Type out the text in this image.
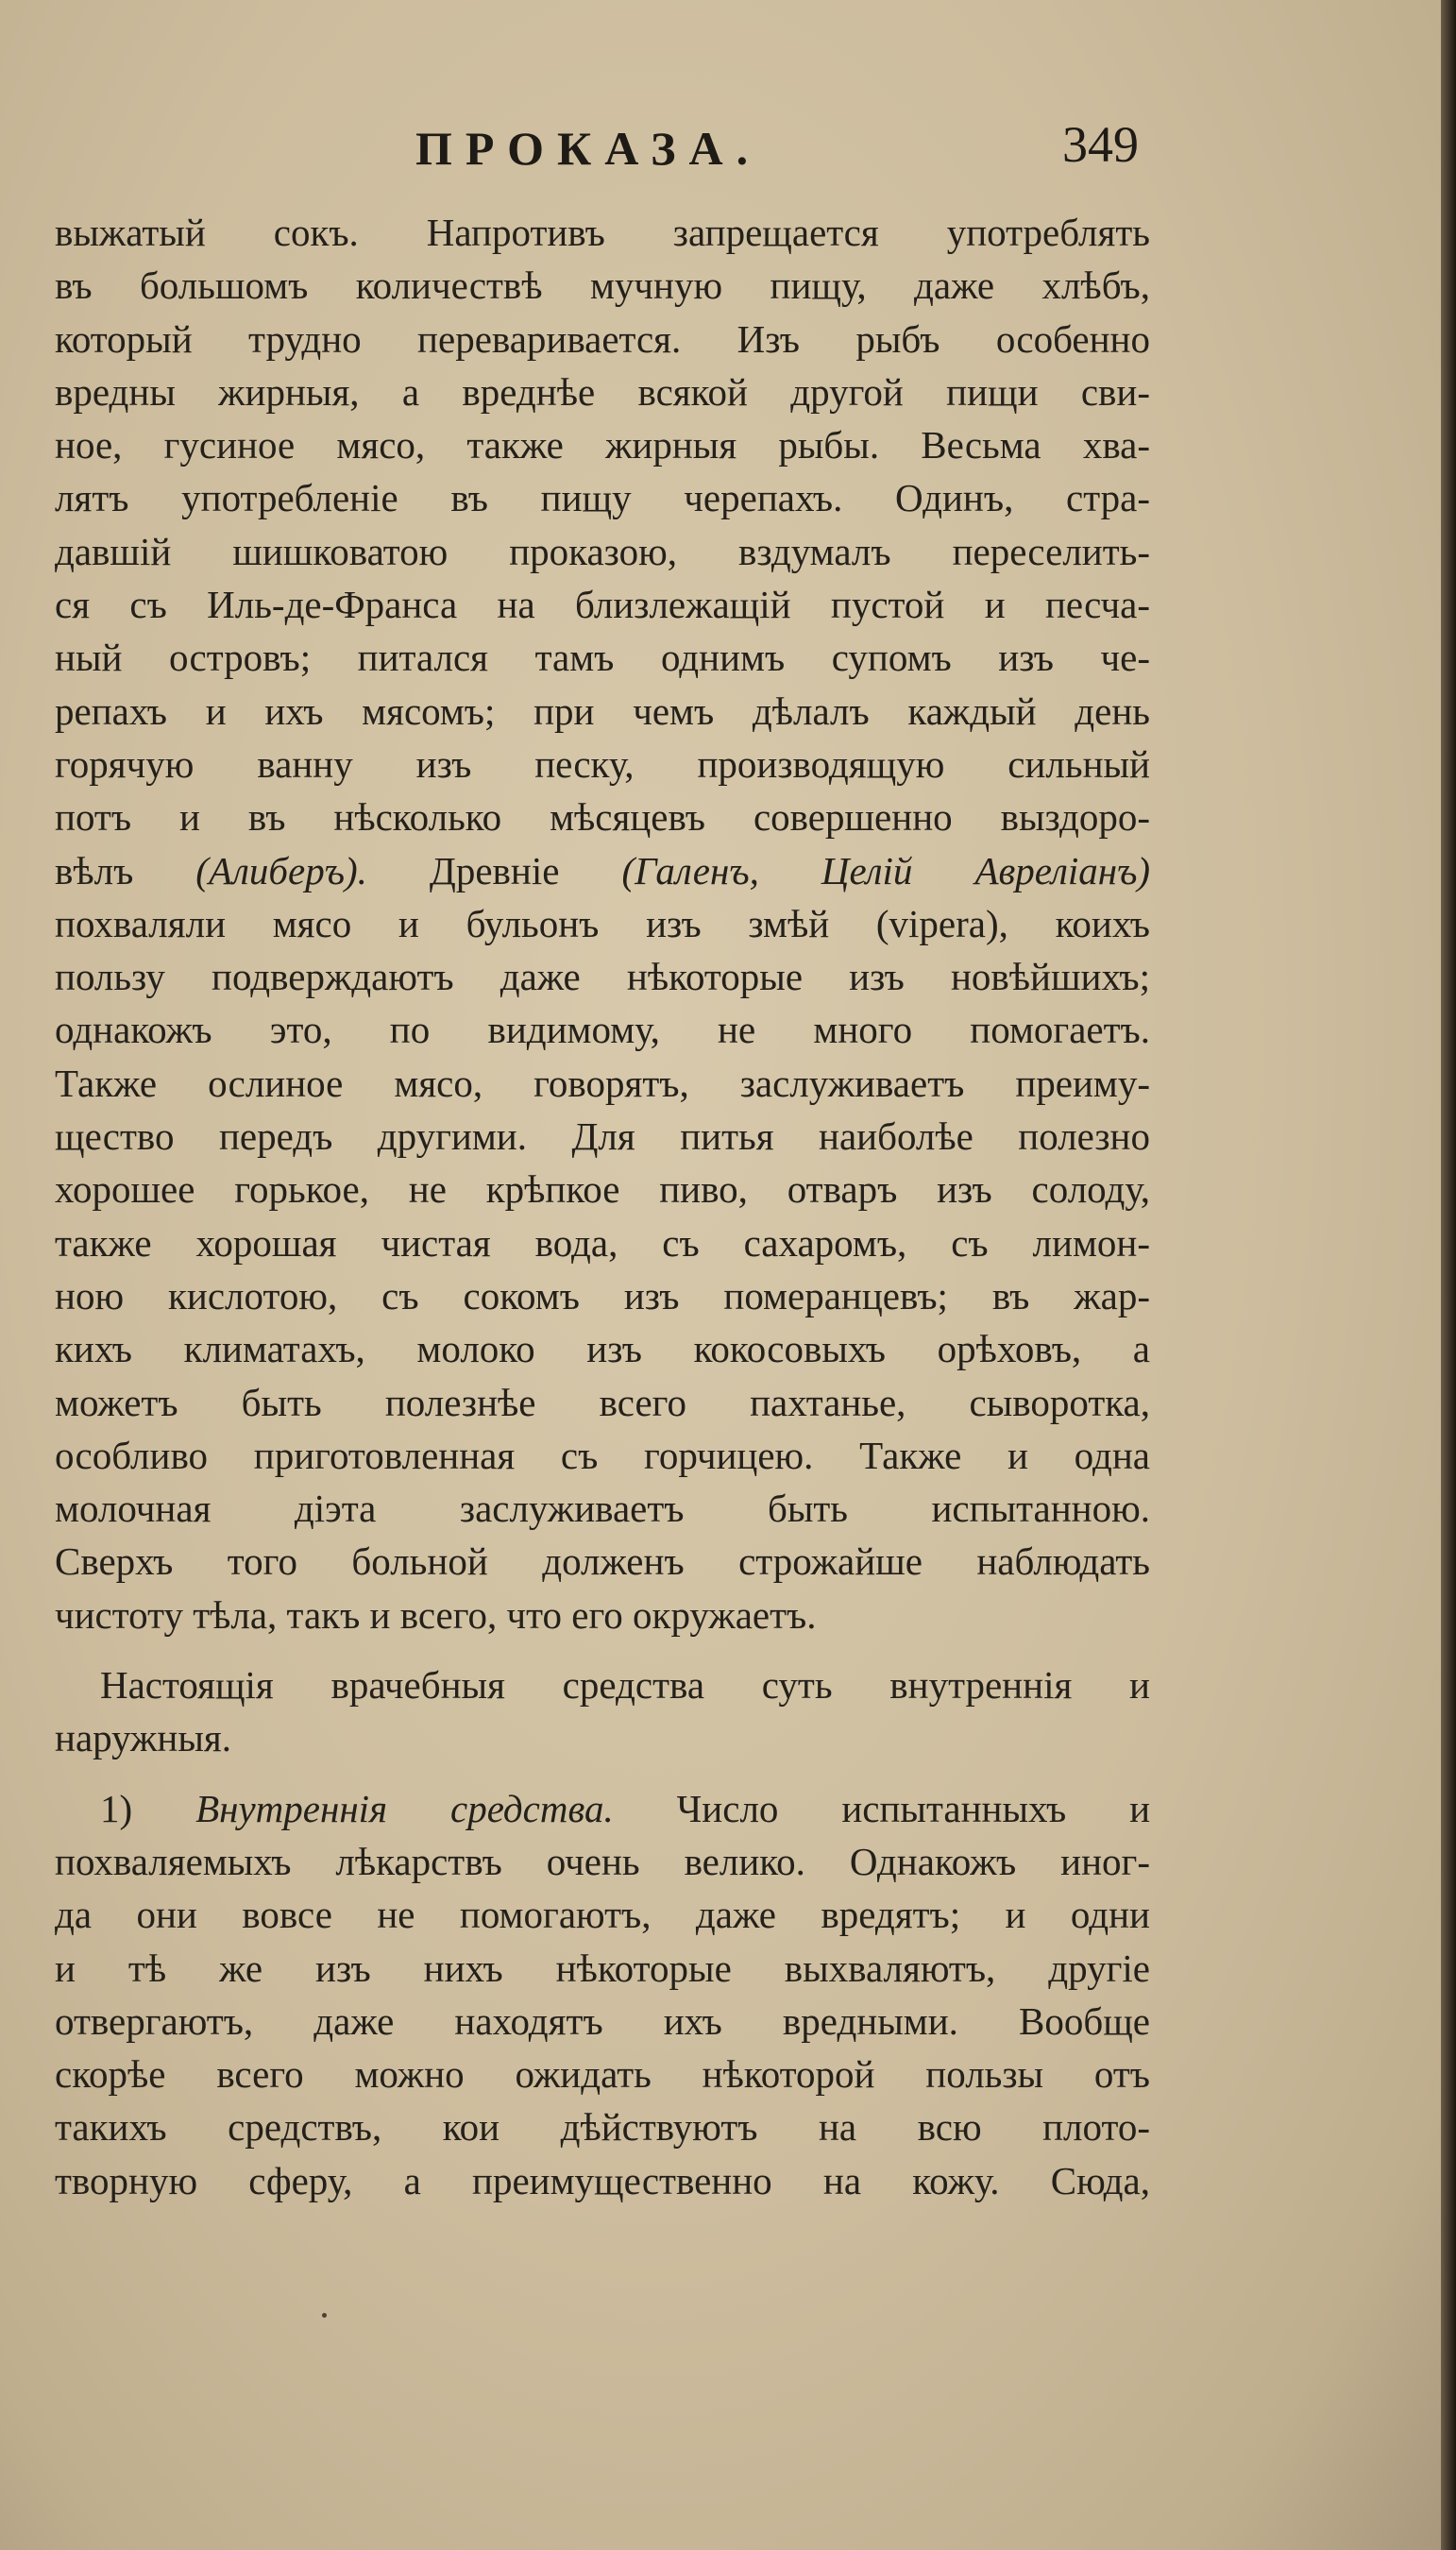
ПРОКАЗА.	349
выжатый сокъ. Напротивъ запрещается употреблять
въ большомъ количествѣ мучную пищу, даже хлѣбъ,
который трудно переваривается. Изъ рыбъ особенно
вредны жирныя, а вреднѣе всякой другой пищи сви-
ное, гусиное мясо, также жирныя рыбы. Весьма хва-
лятъ употребленіе въ пищу черепахъ. Одинъ, стра-
давшій шишковатою проказою, вздумалъ переселить-
ся съ Иль-де-Франса на близлежащій пустой и песча-
ный островъ; питался тамъ однимъ супомъ изъ че-
репахъ и ихъ мясомъ; при чемъ дѣлалъ каждый день
горячую ванну изъ песку, производящую сильный
потъ и въ нѣсколько мѣсяцевъ совершенно выздоро-
вѣлъ (Алиберъ). Древніе (Галенъ, Целій Авреліанъ)
похваляли мясо и бульонъ изъ змѣй (vipera), коихъ
пользу подверждаютъ даже нѣкоторые изъ новѣйшихъ;
однакожъ это, по видимому, не много помогаетъ.
Также ослиное мясо, говорятъ, заслуживаетъ преиму-
щество передъ другими. Для питья наиболѣе полезно
хорошее горькое, не крѣпкое пиво, отваръ изъ солоду,
также хорошая чистая вода, съ сахаромъ, съ лимон-
ною кислотою, съ сокомъ изъ померанцевъ; въ жар-
кихъ климатахъ, молоко изъ кокосовыхъ орѣховъ, а
можетъ быть полезнѣе всего пахтанье, сыворотка,
особливо приготовленная съ горчицею. Также и одна
молочная діэта заслуживаетъ быть испытанною.
Сверхъ того больной долженъ строжайше наблюдать
чистоту тѣла, такъ и всего, что его окружаетъ.
Настоящія врачебныя средства суть внутреннія и
наружныя.
1) Внутреннія средства. Число испытанныхъ и
похваляемыхъ лѣкарствъ очень велико. Однакожъ иног-
да они вовсе не помогаютъ, даже вредятъ; и одни
и тѣ же изъ нихъ нѣкоторые выхваляютъ, другіе
отвергаютъ, даже находятъ ихъ вредными. Вообще
скорѣе всего можно ожидать нѣкоторой пользы отъ
такихъ средствъ, кои дѣйствуютъ на всю плото-
творную сферу, а преимущественно на кожу. Сюда,
